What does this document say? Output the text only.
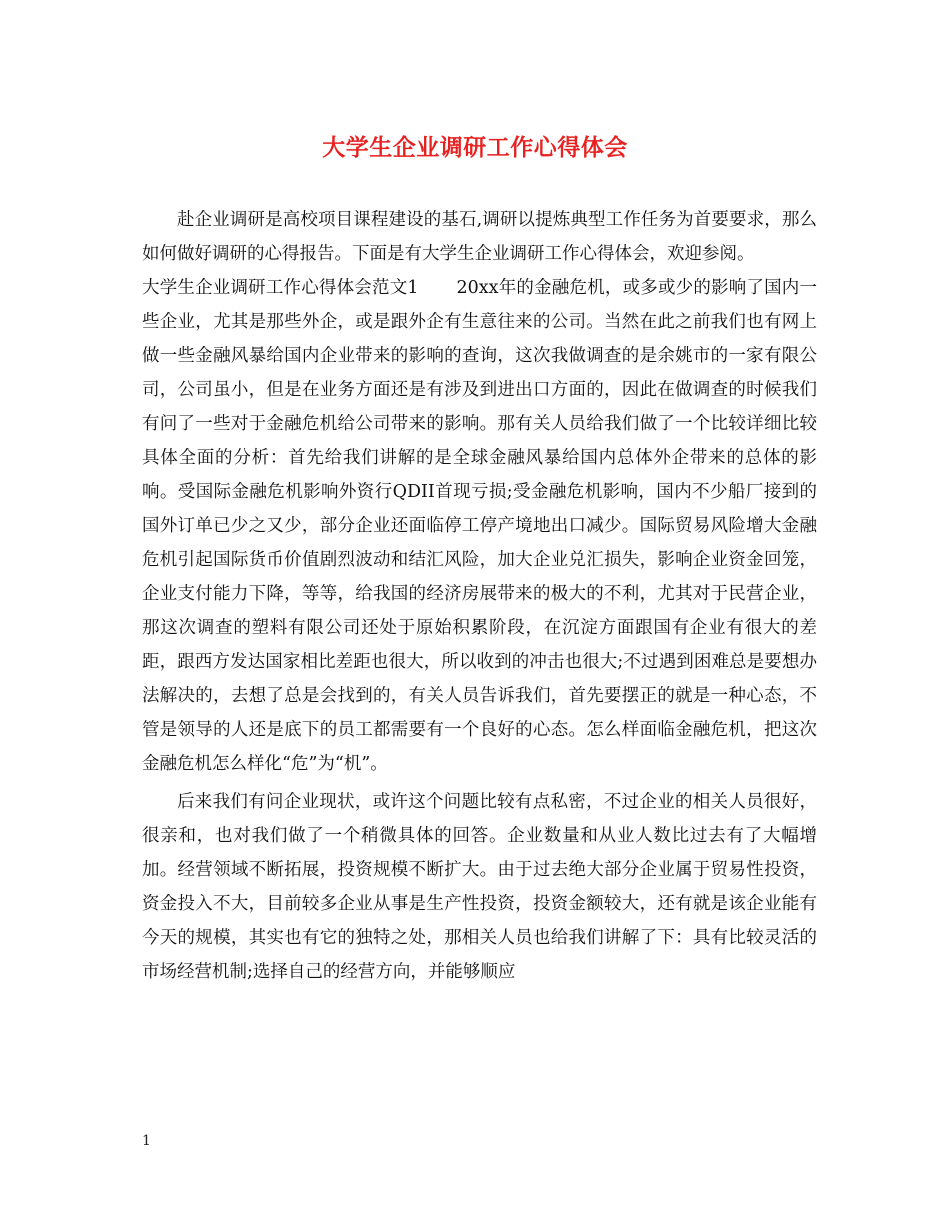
大学生企业调研工作心得体会

赴企业调研是高校项目课程建设的基石,调研以提炼典型工作任务为首要要求，那么如何做好调研的心得报告。下面是有大学生企业调研工作心得体会，欢迎参阅。

大学生企业调研工作心得体会范文1 20xx年的金融危机，或多或少的影响了国内一些企业，尤其是那些外企，或是跟外企有生意往来的公司。当然在此之前我们也有网上做一些金融风暴给国内企业带来的影响的查询，这次我做调查的是余姚市的一家有限公司，公司虽小，但是在业务方面还是有涉及到进出口方面的，因此在做调查的时候我们有问了一些对于金融危机给公司带来的影响。那有关人员给我们做了一个比较详细比较具体全面的分析：首先给我们讲解的是全球金融风暴给国内总体外企带来的总体的影响。受国际金融危机影响外资行QDII首现亏损;受金融危机影响，国内不少船厂接到的国外订单已少之又少，部分企业还面临停工停产境地出口减少。国际贸易风险增大金融危机引起国际货币价值剧烈波动和结汇风险，加大企业兑汇损失，影响企业资金回笼，企业支付能力下降，等等，给我国的经济房展带来的极大的不利，尤其对于民营企业，那这次调查的塑料有限公司还处于原始积累阶段，在沉淀方面跟国有企业有很大的差距，跟西方发达国家相比差距也很大，所以收到的冲击也很大;不过遇到困难总是要想办法解决的，去想了总是会找到的，有关人员告诉我们，首先要摆正的就是一种心态，不管是领导的人还是底下的员工都需要有一个良好的心态。怎么样面临金融危机，把这次金融危机怎么样化“危”为“机”。

后来我们有问企业现状，或许这个问题比较有点私密，不过企业的相关人员很好，很亲和，也对我们做了一个稍微具体的回答。企业数量和从业人数比过去有了大幅增加。经营领域不断拓展，投资规模不断扩大。由于过去绝大部分企业属于贸易性投资，资金投入不大，目前较多企业从事是生产性投资，投资金额较大，还有就是该企业能有今天的规模，其实也有它的独特之处，那相关人员也给我们讲解了下：具有比较灵活的市场经营机制;选择自己的经营方向，并能够顺应

1
